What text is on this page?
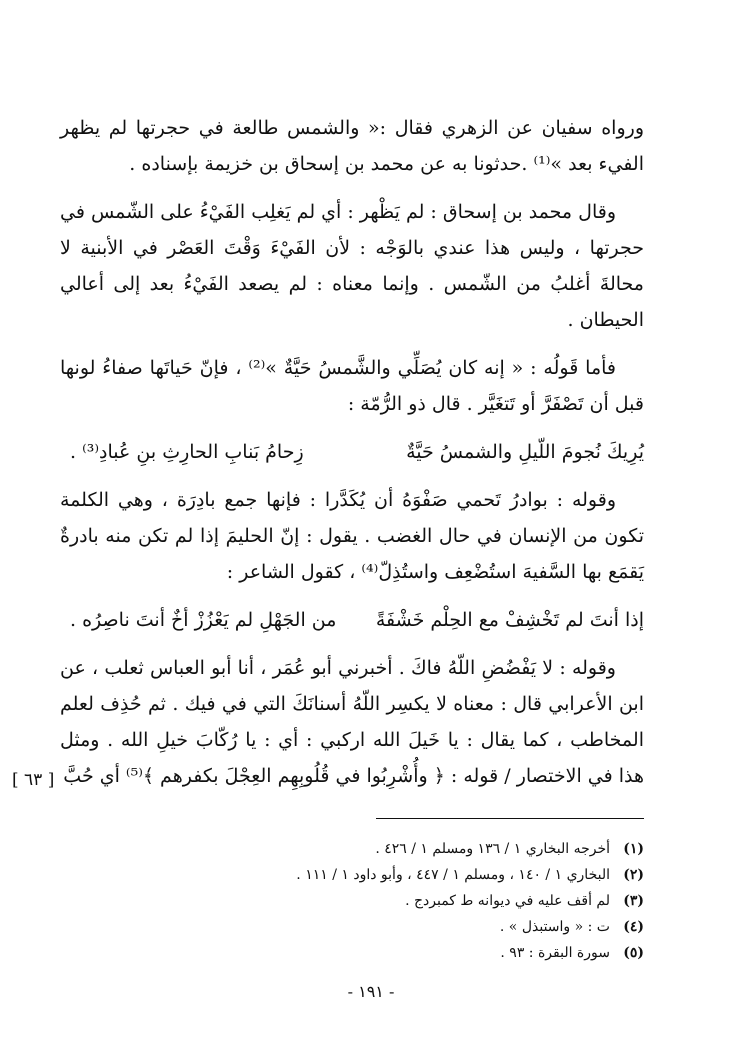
ورواه سفيان عن الزهري فقال :« والشمس طالعة في حجرتها لم يظهر الفيء بعد »⁽¹⁾ .حدثونا به عن محمد بن إسحاق بن خزيمة بإسناده .

وقال محمد بن إسحاق : لم يَظْهر : أي لم يَغلِب الفَيْءُ على الشّمس في حجرتها ، وليس هذا عندي بالوَجْه : لأن الفَيْءَ وَقْتَ العَصْر في الأبنية لا محالةَ أغلبُ من الشّمس . وإنما معناه : لم يصعد الفَيْءُ بعد إلى أعالي الحيطان .

فأما قَولُه : « إنه كان يُصَلِّي والشَّمسُ حَيَّةٌ »⁽²⁾ ، فإنّ حَياتَها صفاءُ لونها قبل أن تَصْفَرَّ أو تَتغَيَّر . قال ذو الرُّمّة :

يُرِيكَ نُجومَ اللّيلِ والشمسُ حَيَّةٌ
زِحامُ بَنابِ الحارِثِ بنِ عُبادِ⁽³⁾ .

وقوله : بوادرُ تَحمي صَفْوَهُ أن يُكَدَّرا : فإنها جمع بادِرَة ، وهي الكلمة تكون من الإنسان في حال الغضب . يقول : إنّ الحليمَ إذا لم تكن منه بادرةٌ يَقمَع بها السَّفيهَ استُضْعِف واستُذِلّ⁽⁴⁾ ، كقول الشاعر :

إذا أنتَ لم تَخْشِفْ مع الحِلْم خَشْفَةً
من الجَهْلِ لم يَعْزُزْ أخٌ أنتَ ناصِرُه .

وقوله : لا يَفْضُضِ اللّهُ فاكَ . أخبرني أبو عُمَر ، أنا أبو العباس ثعلب ، عن ابن الأعرابي قال : معناه لا يكسِر اللّهُ أسنانَكَ التي في فيك . ثم حُذِف لعلم المخاطب ، كما يقال : يا خَيلَ الله اركبي : أي : يا رُكّابَ خيلِ الله . ومثل هذا في الاختصار / قوله : ﴿ وأُشْرِبُوا في قُلُوبِهِم العِجْلَ بكفرهم ﴾⁽⁵⁾ أي حُبَّ

[ ٦٣ ]
(١)
أخرجه البخاري ١ / ١٣٦ ومسلم ١ / ٤٢٦ .
(٢)
البخاري ١ / ١٤٠ ، ومسلم ١ / ٤٤٧ ، وأبو داود ١ / ١١١ .
(٣)
لم أقف عليه في ديوانه ط كمبردج .
(٤)
ت : « واستبذل » .
(٥)
سورة البقرة : ٩٣ .
- ١٩١ -
